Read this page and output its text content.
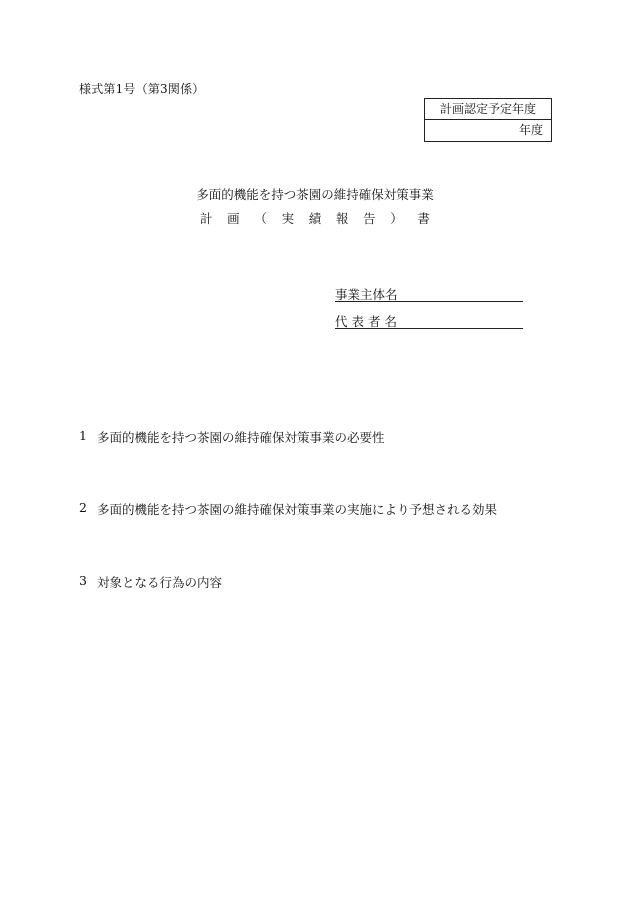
様式第1号（第3関係）
計画認定予定年度
年度
多面的機能を持つ茶園の維持確保対策事業
計 画 （ 実 績 報 告 ） 書
事業主体名
代表者名
1 多面的機能を持つ茶園の維持確保対策事業の必要性
2 多面的機能を持つ茶園の維持確保対策事業の実施により予想される効果
3 対象となる行為の内容
